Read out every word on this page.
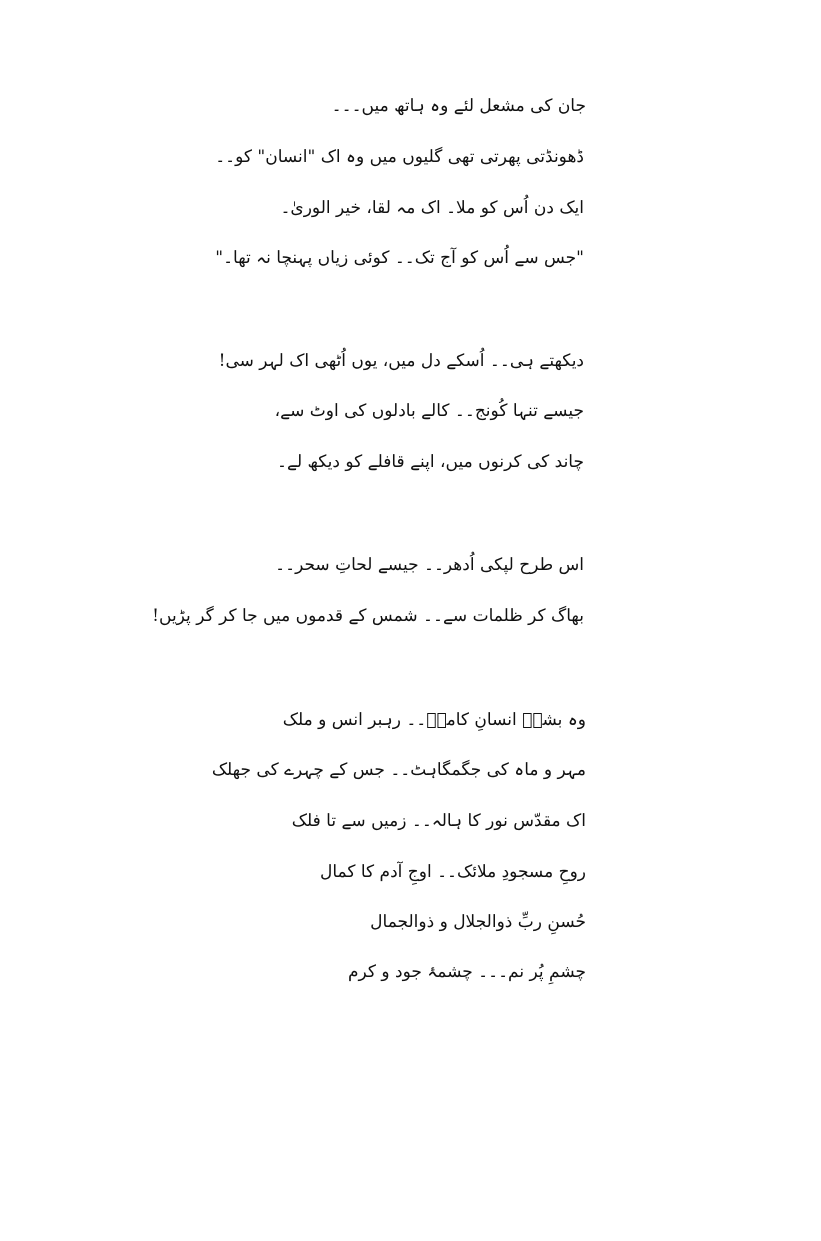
جان کی مشعل لئے وہ ہاتھ میں۔۔۔
ڈھونڈتی پھرتی تھی گلیوں میں وہ اک "انسان" کو۔۔
ایک دن اُس کو ملا۔ اک مہ لقا، خیر الوریٰ۔
"جس سے اُس کو آج تک۔۔ کوئی زیاں پہنچا نہ تھا۔"
دیکھتے ہی۔۔ اُسکے دل میں، یوں اُٹھی اک لہر سی!
جیسے تنہا کُونج۔۔ کالے بادلوں کی اوٹ سے،
چاند کی کرنوں میں، اپنے قافلے کو دیکھ لے۔
اس طرح لپکی اُدھر۔۔ جیسے لحاتِ سحر۔۔
بھاگ کر ظلمات سے۔۔ شمس کے قدموں میں جا کر گر پڑیں!
وہ بشرؑ انسانِ کاملؑ۔۔ رہبر انس و ملک
مہر و ماہ کی جگمگاہٹ۔۔ جس کے چہرے کی جھلک
اک مقدّس نور کا ہالہ۔۔ زمیں سے تا فلک
روحِ مسجودِ ملائک۔۔ اوجِ آدم کا کمال
حُسنِ ربِّ ذوالجلال و ذوالجمال
چشمِ پُر نم۔۔۔ چشمۂ جود و کرم
